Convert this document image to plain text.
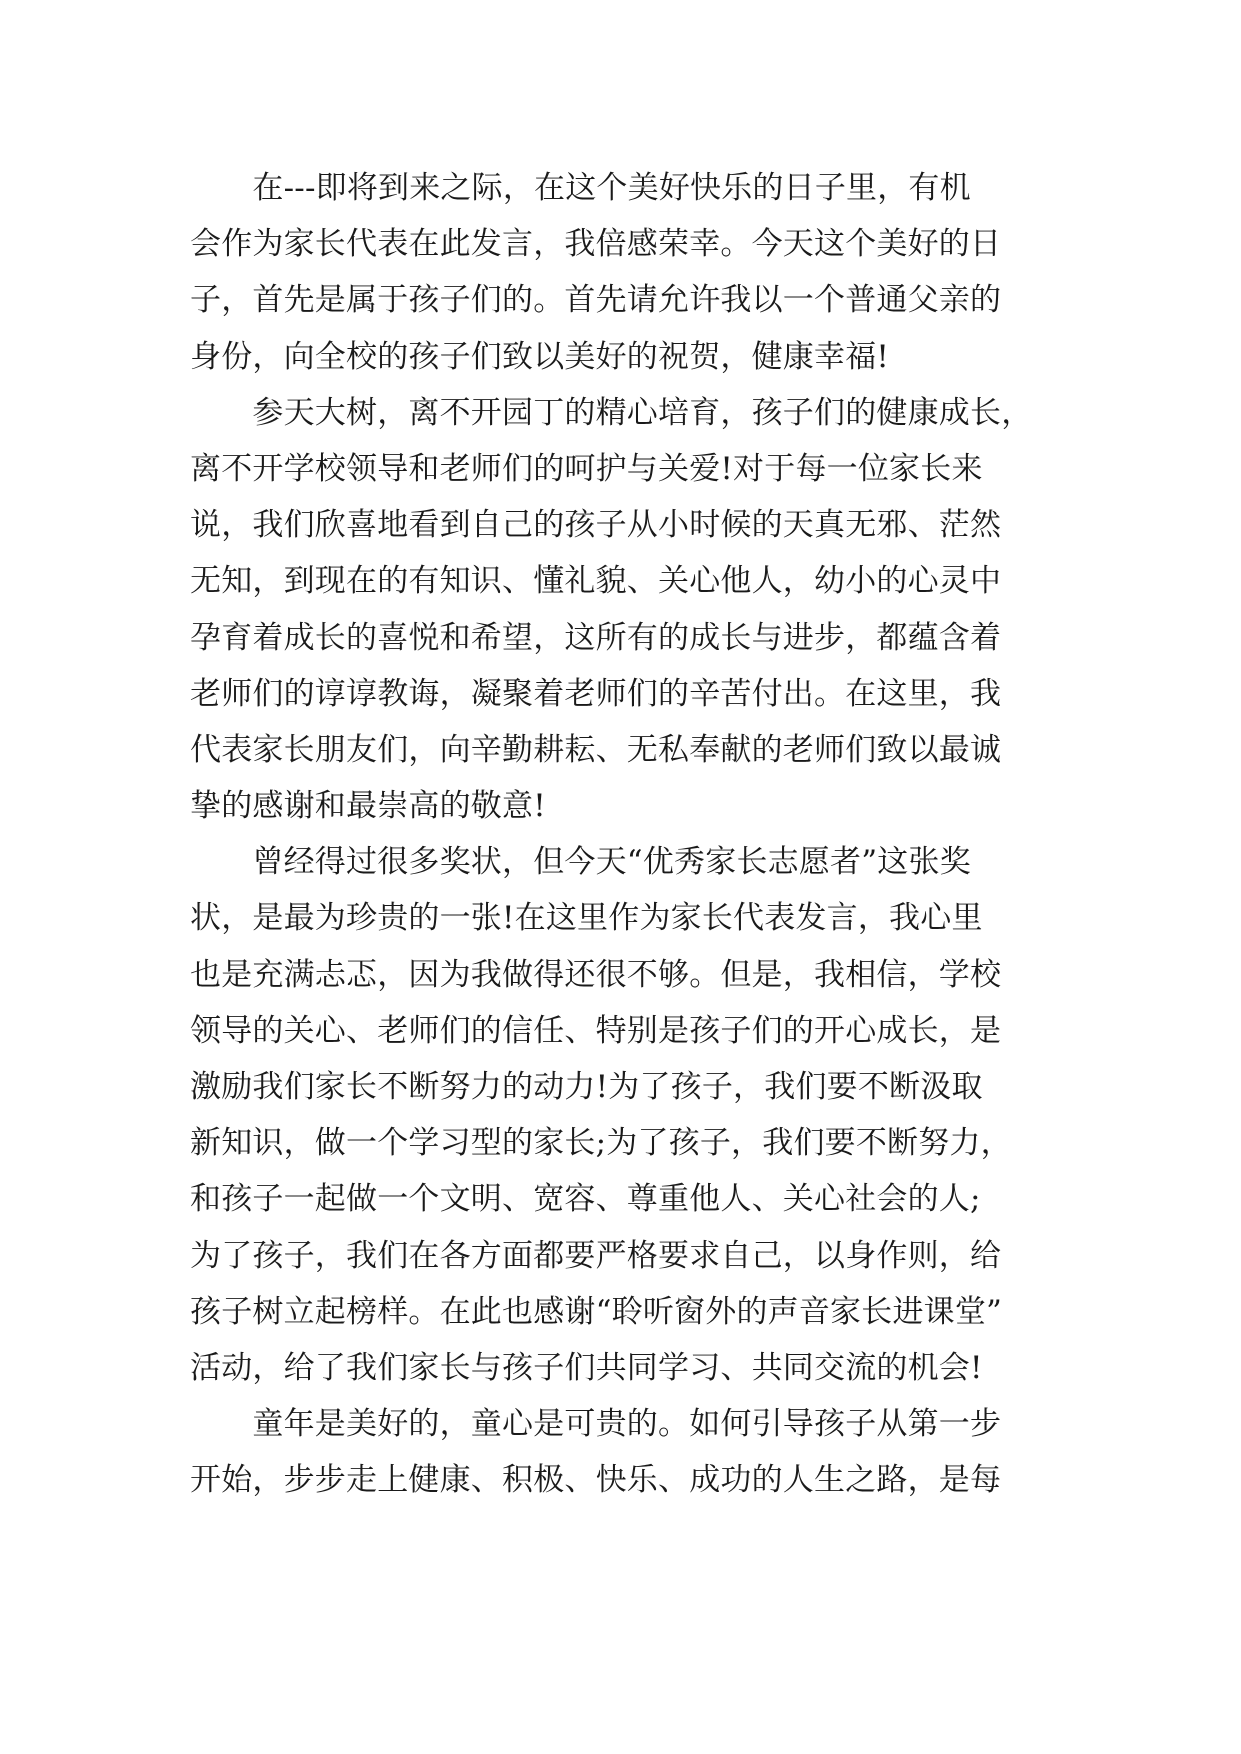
　　在---即将到来之际，在这个美好快乐的日子里，有机
会作为家长代表在此发言，我倍感荣幸。今天这个美好的日
子，首先是属于孩子们的。首先请允许我以一个普通父亲的
身份，向全校的孩子们致以美好的祝贺，健康幸福!
　　参天大树，离不开园丁的精心培育，孩子们的健康成长，
离不开学校领导和老师们的呵护与关爱!对于每一位家长来
说，我们欣喜地看到自己的孩子从小时候的天真无邪、茫然
无知，到现在的有知识、懂礼貌、关心他人，幼小的心灵中
孕育着成长的喜悦和希望，这所有的成长与进步，都蕴含着
老师们的谆谆教诲，凝聚着老师们的辛苦付出。在这里，我
代表家长朋友们，向辛勤耕耘、无私奉献的老师们致以最诚
挚的感谢和最崇高的敬意!
　　曾经得过很多奖状，但今天“优秀家长志愿者”这张奖
状，是最为珍贵的一张!在这里作为家长代表发言，我心里
也是充满忐忑，因为我做得还很不够。但是，我相信，学校
领导的关心、老师们的信任、特别是孩子们的开心成长，是
激励我们家长不断努力的动力!为了孩子，我们要不断汲取
新知识，做一个学习型的家长;为了孩子，我们要不断努力，
和孩子一起做一个文明、宽容、尊重他人、关心社会的人;
为了孩子，我们在各方面都要严格要求自己，以身作则，给
孩子树立起榜样。在此也感谢“聆听窗外的声音家长进课堂”
活动，给了我们家长与孩子们共同学习、共同交流的机会!
　　童年是美好的，童心是可贵的。如何引导孩子从第一步
开始，步步走上健康、积极、快乐、成功的人生之路，是每
